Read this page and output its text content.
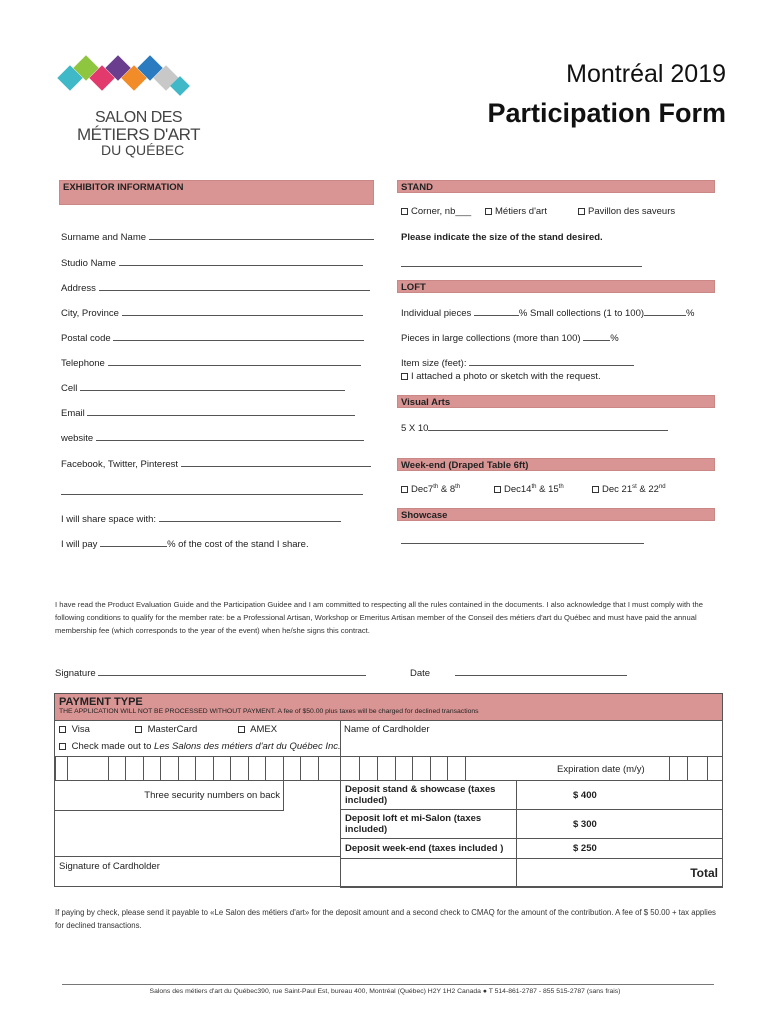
SALON DES
MÉTIERS D'ART
DU QUÉBEC
Montréal 2019
Participation Form
EXHIBITOR INFORMATION	STAND
Corner, nb___	Métiers d'art	Pavillon des saveurs
Please indicate the size of the stand desired.
Surname and Name
Studio Name
Address
City, Province
Postal code
Telephone
Cell
Email
website
Facebook, Twitter, Pinterest
I will share space with:
I will pay	% of the cost of the stand I share.
LOFT
Individual pieces	% Small collections (1 to 100)	%
Pieces in large collections (more than 100)	%
Item size (feet):
I attached a photo or sketch with the request.
Visual Arts
5 X 10
Week-end (Draped Table 6ft)
Dec7th & 8th	Dec14th & 15th	Dec 21st & 22nd
Showcase
I have read the Product Evaluation Guide and the Participation Guidee and I am committed to respecting all the rules contained in the documents. I also acknowledge that I must comply with the following conditions to qualify for the member rate: be a Professional Artisan, Workshop or Emeritus Artisan member of the Conseil des métiers d'art du Québec and must have paid the annual membership fee (which corresponds to the year of the event) when he/she signs this contract.
Signature	Date
PAYMENT TYPE
THE APPLICATION WILL NOT BE PROCESSED WITHOUT PAYMENT. A fee of $50.00 plus taxes will be charged for declined transactions
Visa	MasterCard	AMEX	Name of Cardholder
Check made out to Les Salons des métiers d'art du Québec Inc.
Expiration date (m/y)
Three security numbers on back
Signature of Cardholder
Deposit stand & showcase (taxes included)	$ 400
Deposit loft et mi-Salon (taxes included)	$ 300
Deposit week-end (taxes included )	$ 250
	Total
If paying by check, please send it payable to «Le Salon des métiers d'art» for the deposit amount and a second check to CMAQ for the amount of the contribution. A fee of $ 50.00 + tax applies for declined transactions.
Salons des métiers d'art du Québec390, rue Saint-Paul Est, bureau 400, Montréal (Québec) H2Y 1H2 Canada ● T 514-861-2787 - 855 515-2787 (sans frais)
